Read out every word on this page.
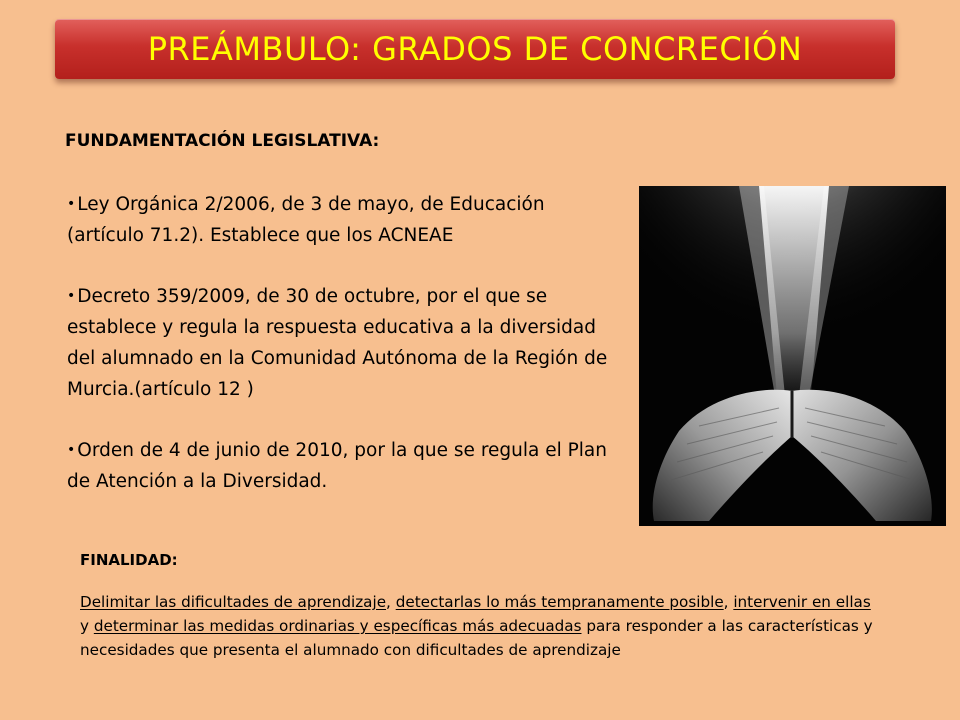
PREÁMBULO: GRADOS DE CONCRECIÓN
FUNDAMENTACIÓN LEGISLATIVA:
• Ley Orgánica 2/2006, de 3 de mayo, de Educación (artículo 71.2). Establece que los ACNEAE
• Decreto 359/2009, de 30 de octubre, por el que se establece y regula la respuesta educativa a la diversidad del alumnado en la Comunidad Autónoma de la Región de Murcia.(artículo 12 )
• Orden de 4 de junio de 2010, por la que se regula el Plan de Atención a la Diversidad.
FINALIDAD:

Delimitar las dificultades de aprendizaje, detectarlas lo más tempranamente posible, intervenir en ellas y determinar las medidas ordinarias y específicas más adecuadas para responder a las características y necesidades que presenta el alumnado con dificultades de aprendizaje
